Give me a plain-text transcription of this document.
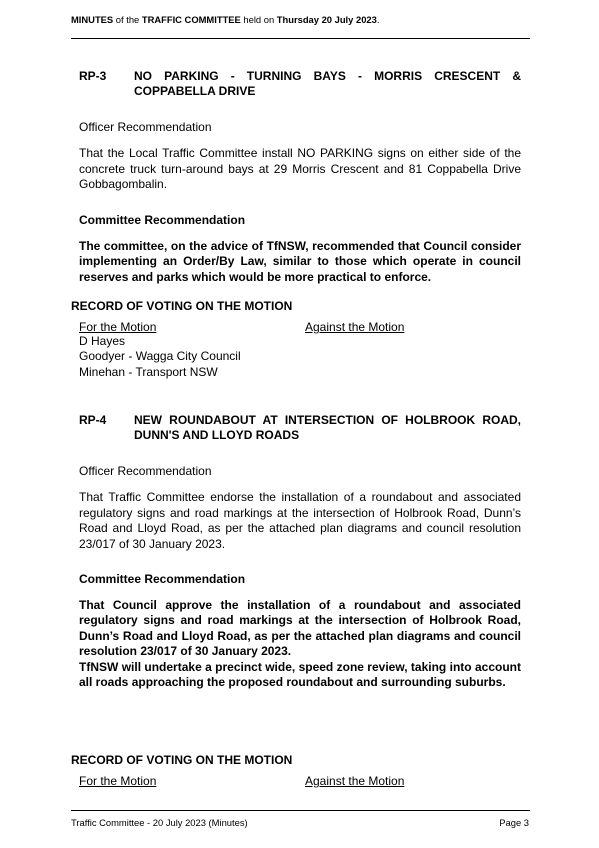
MINUTES of the TRAFFIC COMMITTEE held on Thursday 20 July 2023.
RP-3 NO PARKING - TURNING BAYS - MORRIS CRESCENT &
COPPABELLA DRIVE
Officer Recommendation
That the Local Traffic Committee install NO PARKING signs on either side of the concrete truck turn-around bays at 29 Morris Crescent and 81 Coppabella Drive Gobbagombalin.
Committee Recommendation
The committee, on the advice of TfNSW, recommended that Council consider implementing an Order/By Law, similar to those which operate in council reserves and parks which would be more practical to enforce.
RECORD OF VOTING ON THE MOTION
For the Motion	Against the Motion
D Hayes
Goodyer - Wagga City Council
Minehan - Transport NSW
RP-4 NEW ROUNDABOUT AT INTERSECTION OF HOLBROOK ROAD,
DUNN'S AND LLOYD ROADS
Officer Recommendation
That Traffic Committee endorse the installation of a roundabout and associated regulatory signs and road markings at the intersection of Holbrook Road, Dunn’s Road and Lloyd Road, as per the attached plan diagrams and council resolution 23/017 of 30 January 2023.
Committee Recommendation
That Council approve the installation of a roundabout and associated regulatory signs and road markings at the intersection of Holbrook Road, Dunn’s Road and Lloyd Road, as per the attached plan diagrams and council resolution 23/017 of 30 January 2023.
TfNSW will undertake a precinct wide, speed zone review, taking into account all roads approaching the proposed roundabout and surrounding suburbs.
RECORD OF VOTING ON THE MOTION
For the Motion	Against the Motion
Traffic Committee - 20 July 2023 (Minutes)	Page 3
